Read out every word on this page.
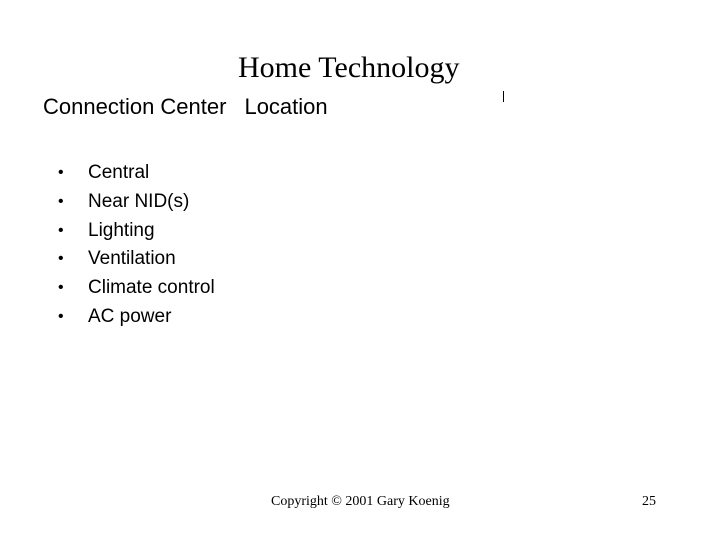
Home Technology
Connection Center Location
•	Central
•	Near NID(s)
•	Lighting
•	Ventilation
•	Climate control
•	AC power
Copyright © 2001 Gary Koenig	25
